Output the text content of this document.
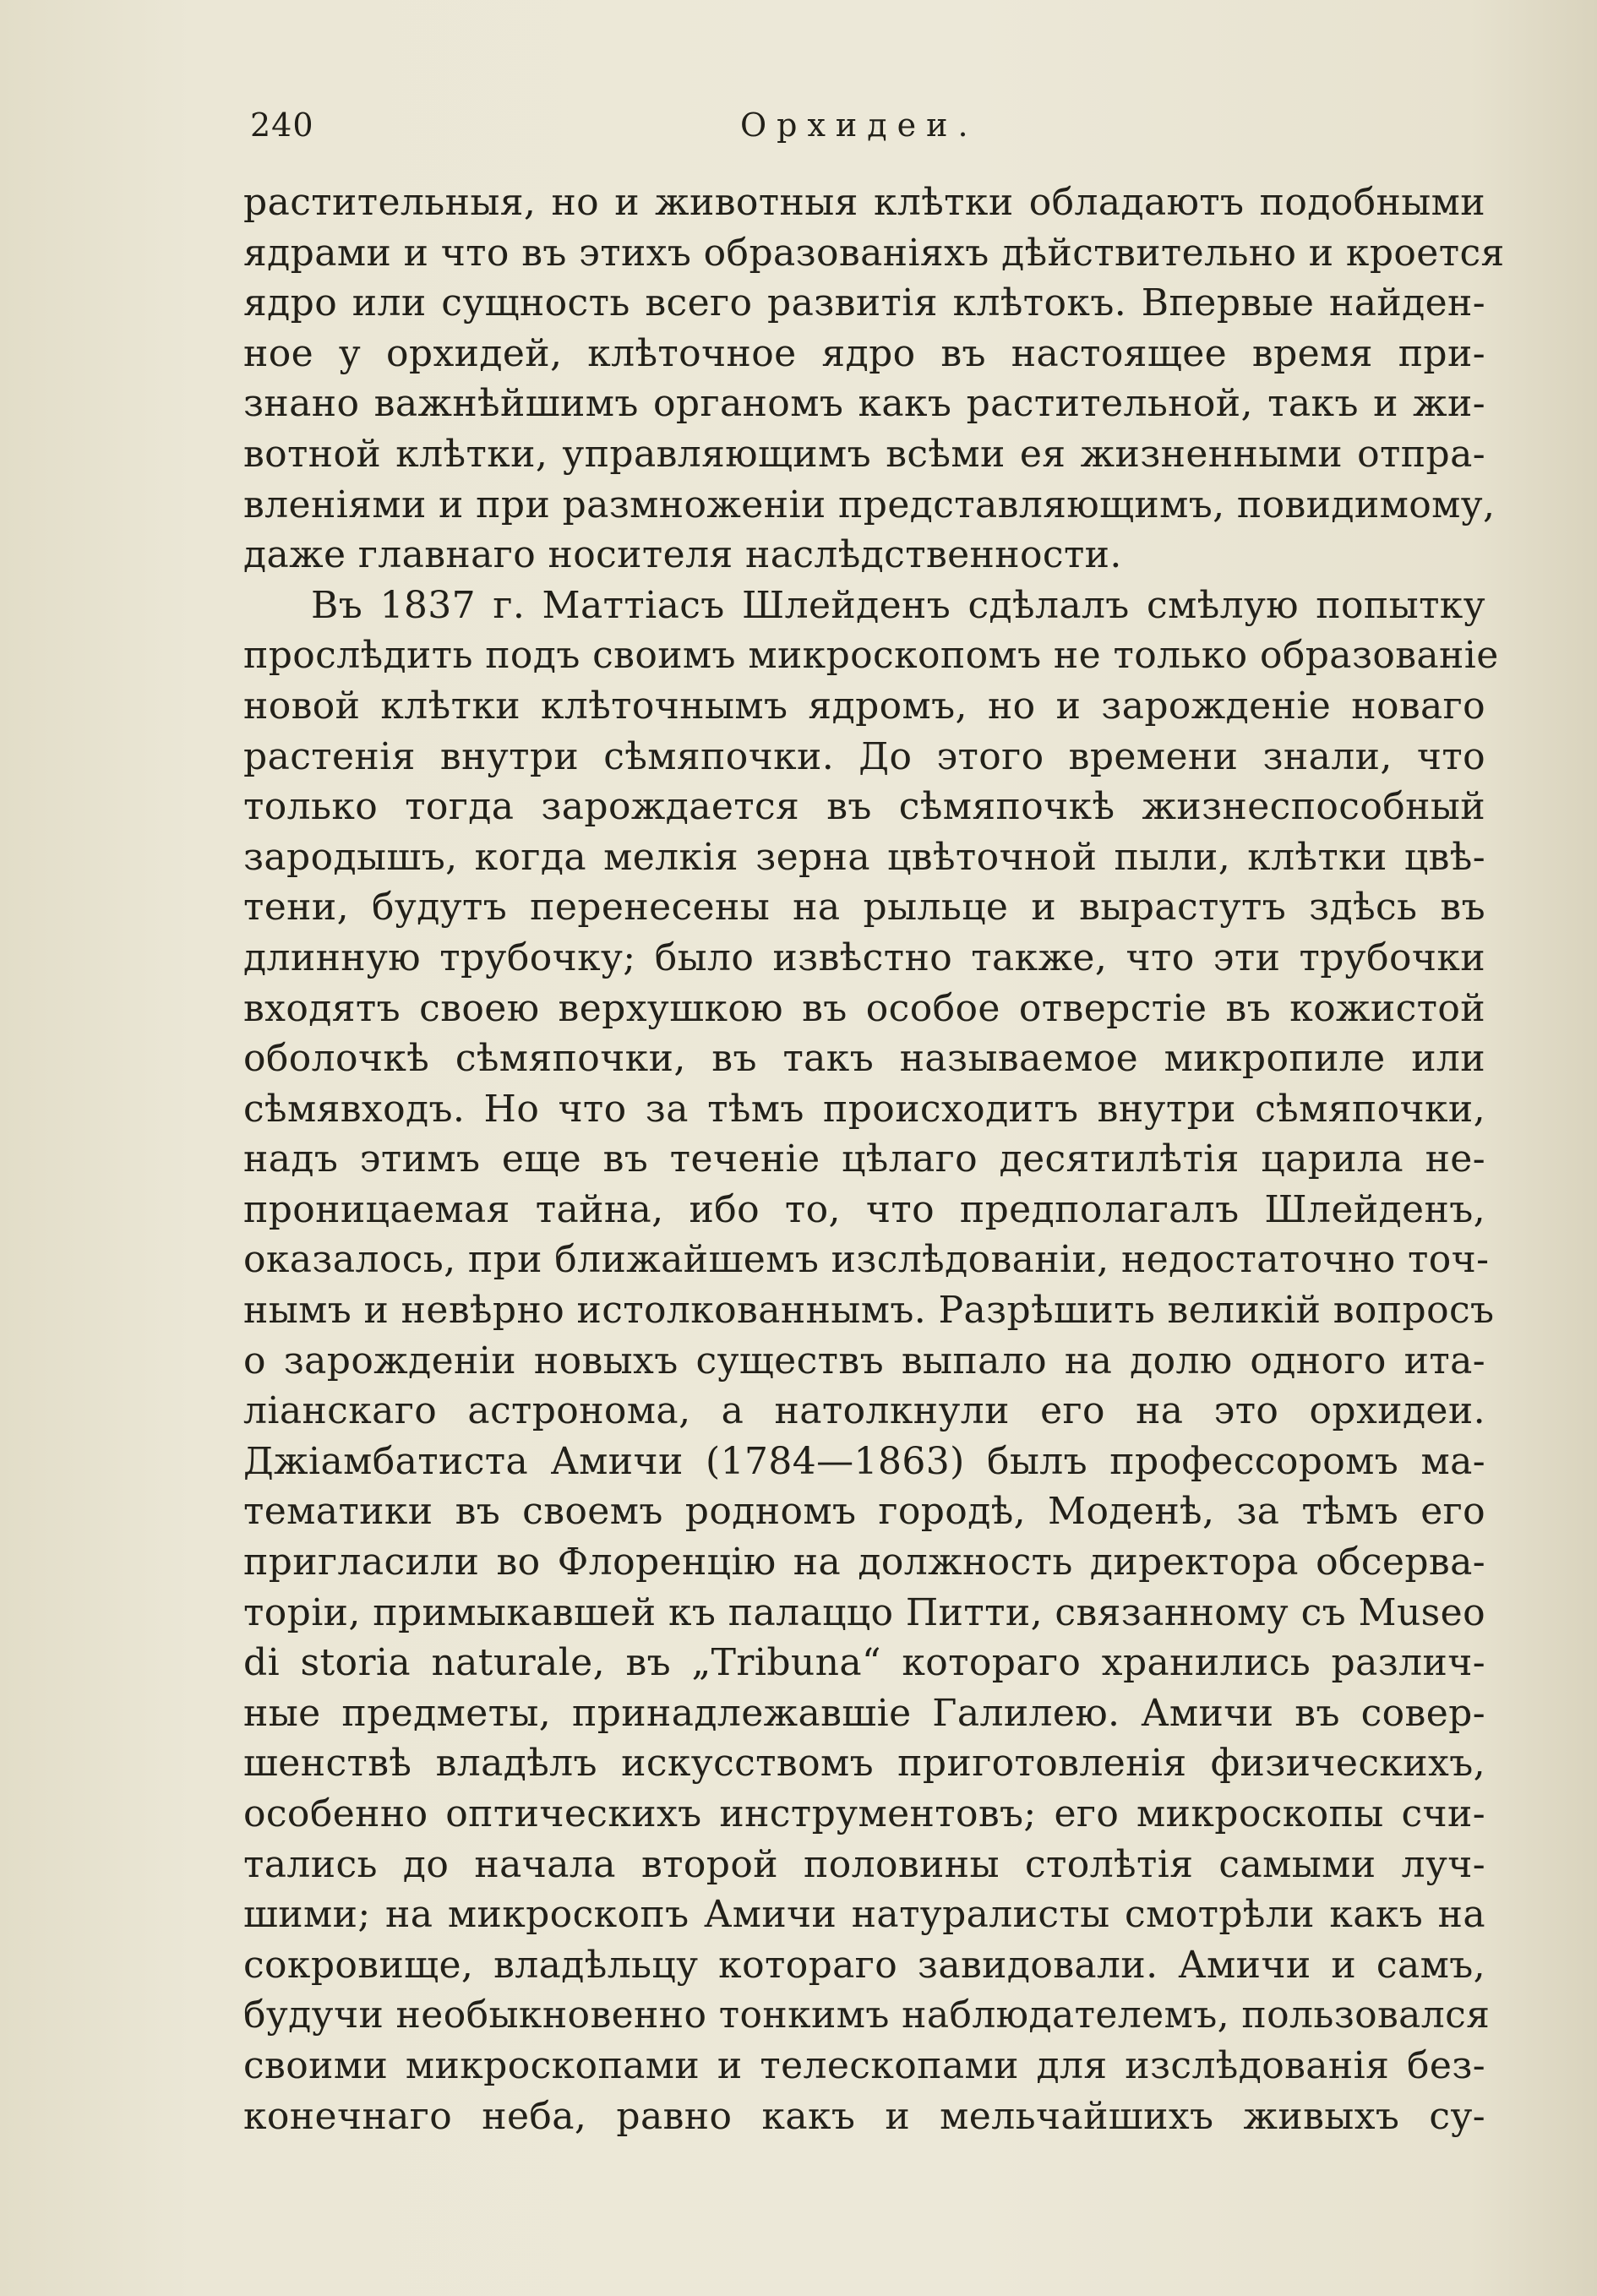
240	Орхидеи.
растительныя, но и животныя клѣтки обладаютъ подобными
ядрами и что въ этихъ образованіяхъ дѣйствительно и кроется
ядро или сущность всего развитія клѣтокъ. Впервые найден-
ное у орхидей, клѣточное ядро въ настоящее время при-
знано важнѣйшимъ органомъ какъ растительной, такъ и жи-
вотной клѣтки, управляющимъ всѣми ея жизненными отпра-
вленіями и при размноженіи представляющимъ, повидимому,
даже главнаго носителя наслѣдственности.
Въ 1837 г. Маттіасъ Шлейденъ сдѣлалъ смѣлую попытку
прослѣдить подъ своимъ микроскопомъ не только образованіе
новой клѣтки клѣточнымъ ядромъ, но и зарожденіе новаго
растенія внутри сѣмяпочки. До этого времени знали, что
только тогда зарождается въ сѣмяпочкѣ жизнеспособный
зародышъ, когда мелкія зерна цвѣточной пыли, клѣтки цвѣ-
тени, будутъ перенесены на рыльце и вырастутъ здѣсь въ
длинную трубочку; было извѣстно также, что эти трубочки
входятъ своею верхушкою въ особое отверстіе въ кожистой
оболочкѣ сѣмяпочки, въ такъ называемое микропиле или
сѣмявходъ. Но что за тѣмъ происходитъ внутри сѣмяпочки,
надъ этимъ еще въ теченіе цѣлаго десятилѣтія царила не-
проницаемая тайна, ибо то, что предполагалъ Шлейденъ,
оказалось, при ближайшемъ изслѣдованіи, недостаточно точ-
нымъ и невѣрно истолкованнымъ. Разрѣшить великій вопросъ
о зарожденіи новыхъ существъ выпало на долю одного ита-
ліанскаго астронома, а натолкнули его на это орхидеи.
Джіамбатиста Амичи (1784—1863) былъ профессоромъ ма-
тематики въ своемъ родномъ городѣ, Моденѣ, за тѣмъ его
пригласили во Флоренцію на должность директора обсерва-
торіи, примыкавшей къ палаццо Питти, связанному съ Museo
di storia naturale, въ „Tribuna“ котораго хранились различ-
ные предметы, принадлежавшіе Галилею. Амичи въ совер-
шенствѣ владѣлъ искусствомъ приготовленія физическихъ,
особенно оптическихъ инструментовъ; его микроскопы счи-
тались до начала второй половины столѣтія самыми луч-
шими; на микроскопъ Амичи натуралисты смотрѣли какъ на
сокровище, владѣльцу котораго завидовали. Амичи и самъ,
будучи необыкновенно тонкимъ наблюдателемъ, пользовался
своими микроскопами и телескопами для изслѣдованія без-
конечнаго неба, равно какъ и мельчайшихъ живыхъ су-
